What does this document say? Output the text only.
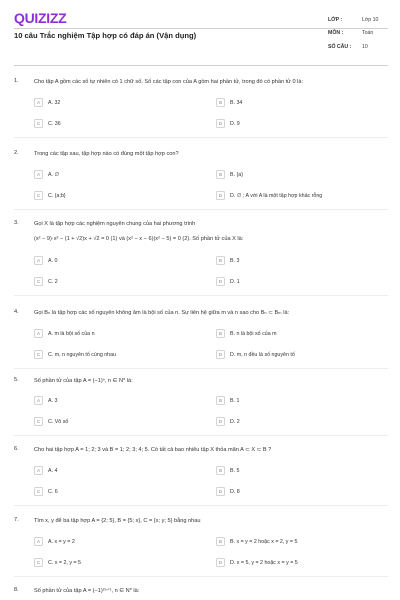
QUIZIZZ
10 câu Trắc nghiệm Tập hợp có đáp án (Vận dụng)
LỚP :	Lớp 10
MÔN :	Toán
SỐ CÂU :	10
1.	Cho tập A gồm các số tự nhiên có 1 chữ số. Số các tập con của A gồm hai phần tử, trong đó có phần tử 0 là:
A	A. 32	B	B. 34
C	C. 36	D	D. 9
2.	Trong các tập sau, tập hợp nào có đúng một tập hợp con?
A	A. ∅	B	B. {a}
C	C. {a;b}	D	D. ∅ ; A với A là một tập hợp khác rỗng
3.	Gọi X là tập hợp các nghiệm nguyên chung của hai phương trình
(x² − 9)·x² − (1 + √2)x + √2 = 0 (1) và (x² − x − 6)(x² − 5) = 0 (2). Số phần tử của X là:
A	A. 0	B	B. 3
C	C. 2	D	D. 1
4.	Gọi Bₙ là tập hợp các số nguyên không âm là bội số của n. Sự liên hệ giữa m và n sao cho Bₙ ⊂ Bₘ là:
A	A. m là bội số của n	B	B. n là bội số của m
C	C. m, n nguyên tố cùng nhau	D	D. m, n đều là số nguyên tố
5.	Số phần tử của tập A = (−1)ⁿ, n ∈ N* là:
A	A. 3	B	B. 1
C	C. Vô số	D	D. 2
6.	Cho hai tập hợp A = 1; 2; 3 và B = 1; 2; 3; 4; 5. Có tất cả bao nhiêu tập X thỏa mãn A ⊂ X ⊂ B ?
A	A. 4	B	B. 5
C	C. 6	D	D. 8
7.	Tìm x, y để ba tập hợp A = {2; 5}, B = {5; x}, C = {x; y; 5} bằng nhau
A	A. x = y = 2	B	B. x = y = 2 hoặc x = 2, y = 5
C	C. x = 2, y = 5	D	D. x = 5, y = 2 hoặc x = y = 5
8.	Số phần tử của tập A = (−1)²ⁿ⁺¹, n ∈ N* là:
